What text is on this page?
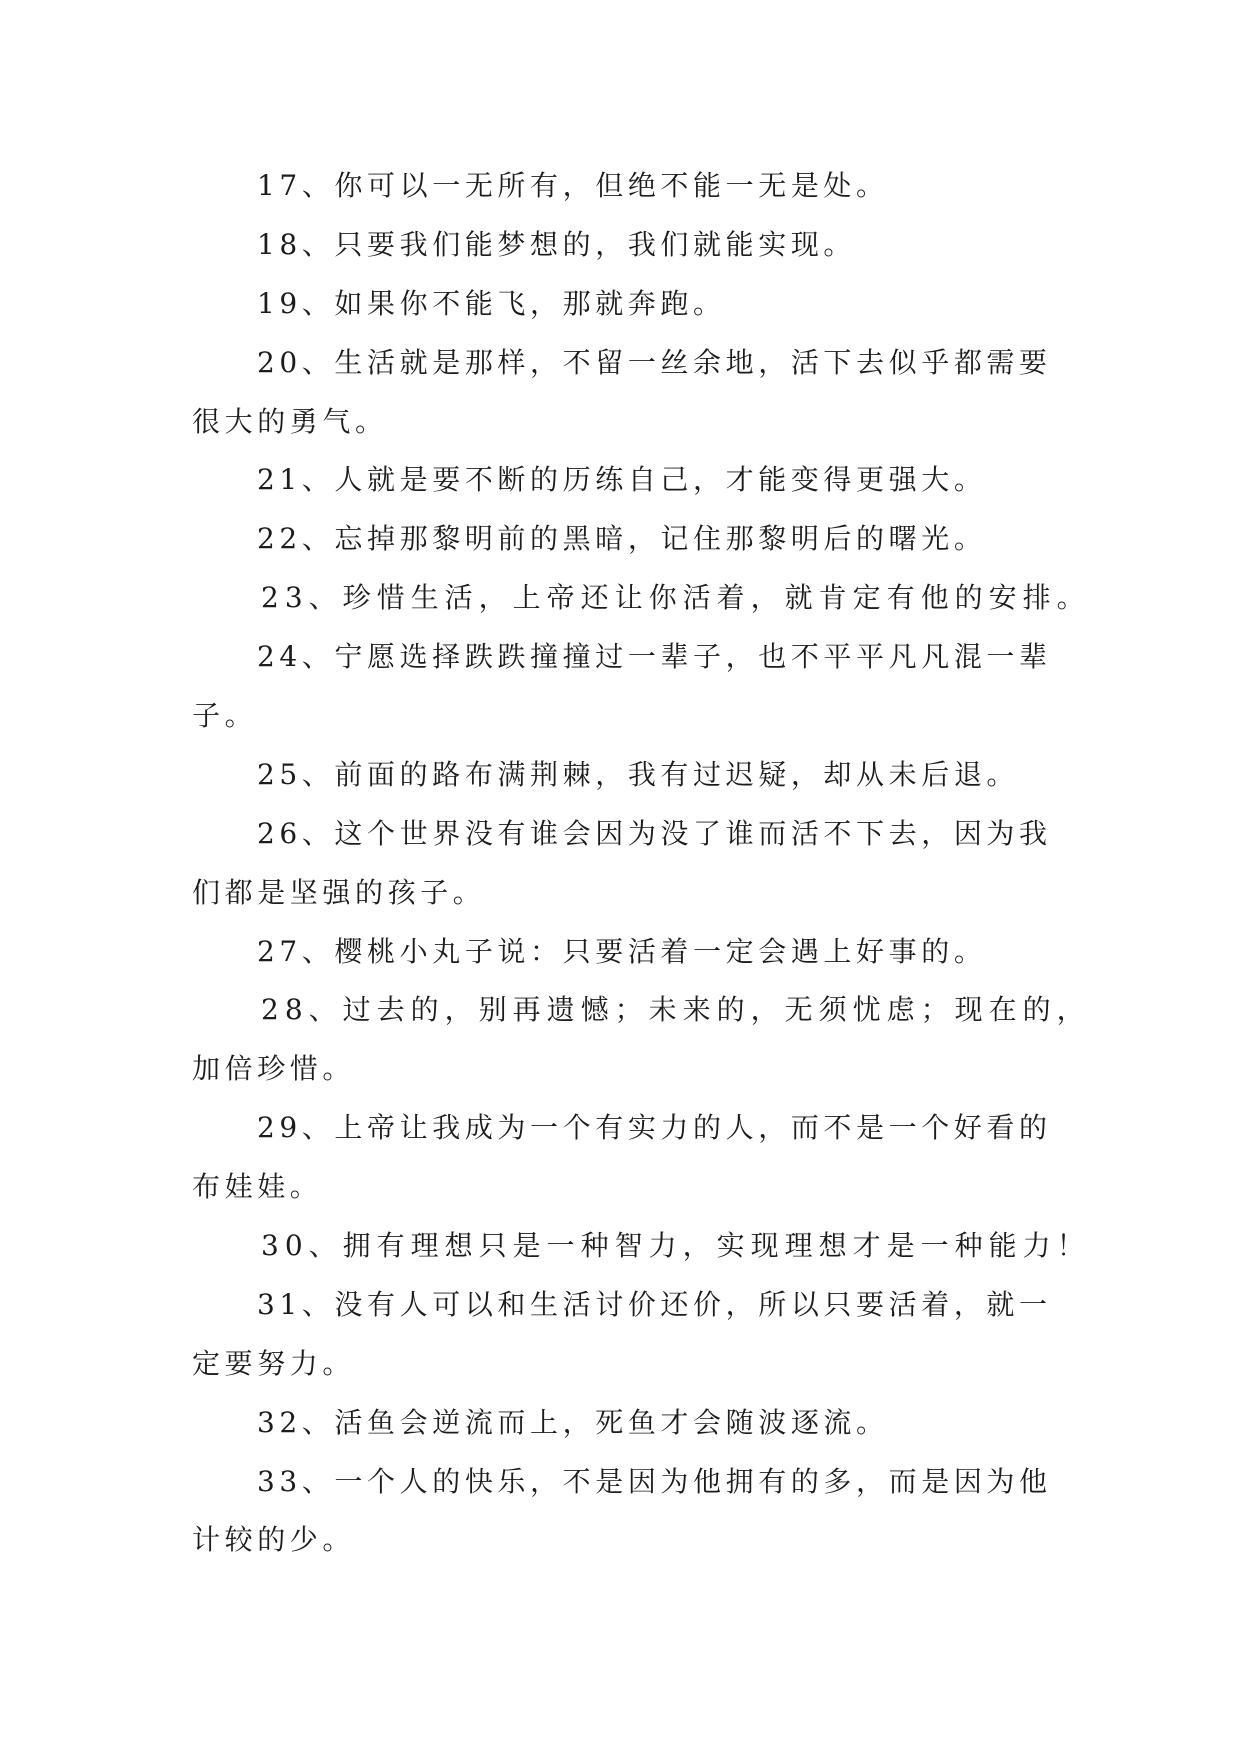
17、你可以一无所有，但绝不能一无是处。
18、只要我们能梦想的，我们就能实现。
19、如果你不能飞，那就奔跑。
20、生活就是那样，不留一丝余地，活下去似乎都需要
很大的勇气。
21、人就是要不断的历练自己，才能变得更强大。
22、忘掉那黎明前的黑暗，记住那黎明后的曙光。
23、珍惜生活，上帝还让你活着，就肯定有他的安排。
24、宁愿选择跌跌撞撞过一辈子，也不平平凡凡混一辈
子。
25、前面的路布满荆棘，我有过迟疑，却从未后退。
26、这个世界没有谁会因为没了谁而活不下去，因为我
们都是坚强的孩子。
27、樱桃小丸子说：只要活着一定会遇上好事的。
28、过去的，别再遗憾；未来的，无须忧虑；现在的，
加倍珍惜。
29、上帝让我成为一个有实力的人，而不是一个好看的
布娃娃。
30、拥有理想只是一种智力，实现理想才是一种能力！
31、没有人可以和生活讨价还价，所以只要活着，就一
定要努力。
32、活鱼会逆流而上，死鱼才会随波逐流。
33、一个人的快乐，不是因为他拥有的多，而是因为他
计较的少。
